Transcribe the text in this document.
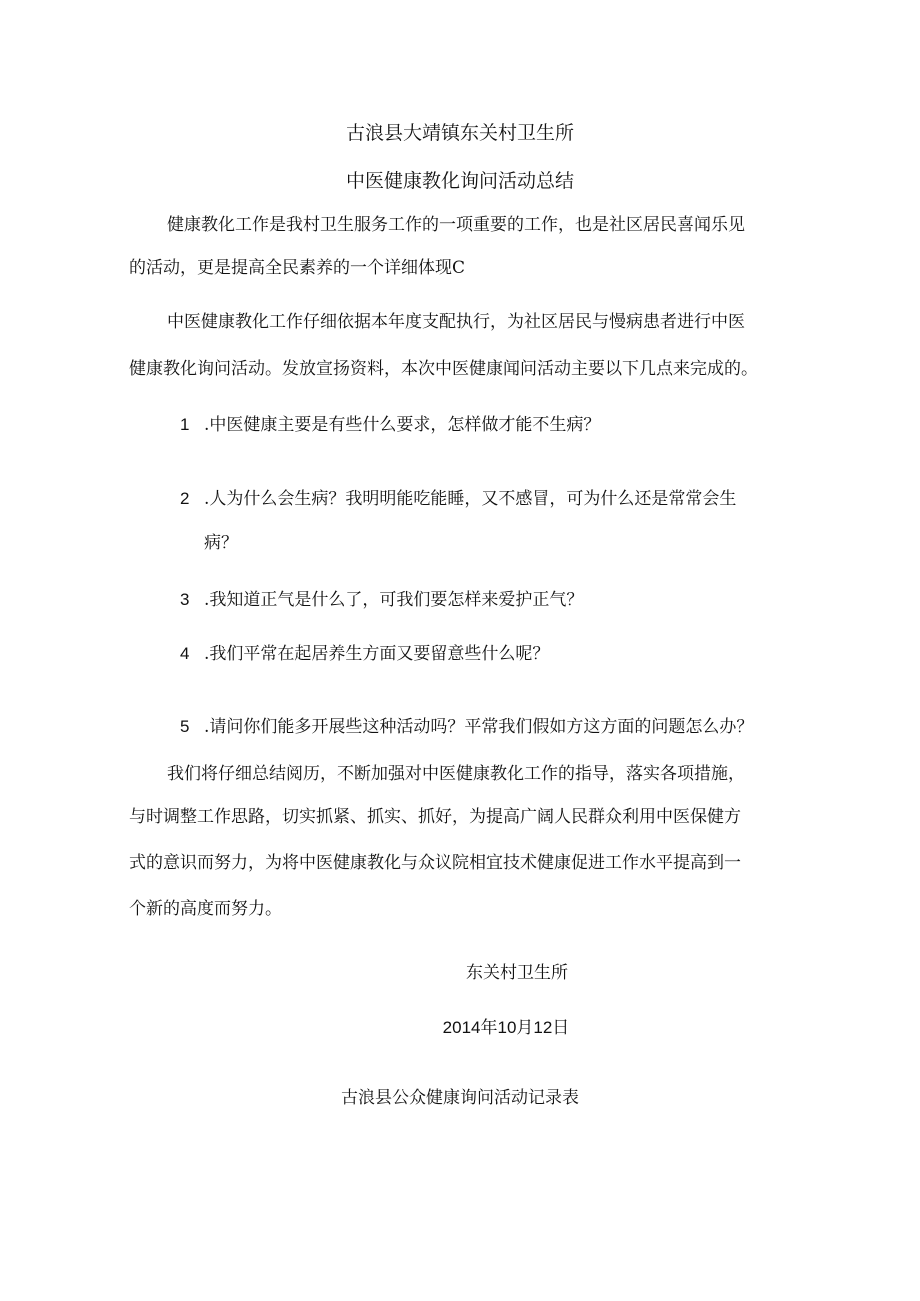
古浪县大靖镇东关村卫生所
中医健康教化询问活动总结
健康教化工作是我村卫生服务工作的一项重要的工作，也是社区居民喜闻乐见
的活动，更是提高全民素养的一个详细体现C
中医健康教化工作仔细依据本年度支配执行，为社区居民与慢病患者进行中医
健康教化询问活动。发放宣扬资料，本次中医健康闻问活动主要以下几点来完成的。
1 .中医健康主要是有些什么要求，怎样做才能不生病？
2 .人为什么会生病？我明明能吃能睡，又不感冒，可为什么还是常常会生
病？
3 .我知道正气是什么了，可我们要怎样来爱护正气？
4 .我们平常在起居养生方面又要留意些什么呢？
5 .请问你们能多开展些这种活动吗？平常我们假如方这方面的问题怎么办？
我们将仔细总结阅历，不断加强对中医健康教化工作的指导，落实各项措施，
与时调整工作思路，切实抓紧、抓实、抓好，为提高广阔人民群众利用中医保健方
式的意识而努力，为将中医健康教化与众议院相宜技术健康促进工作水平提高到一
个新的高度而努力。
东关村卫生所
2014年10月12日
古浪县公众健康询问活动记录表
